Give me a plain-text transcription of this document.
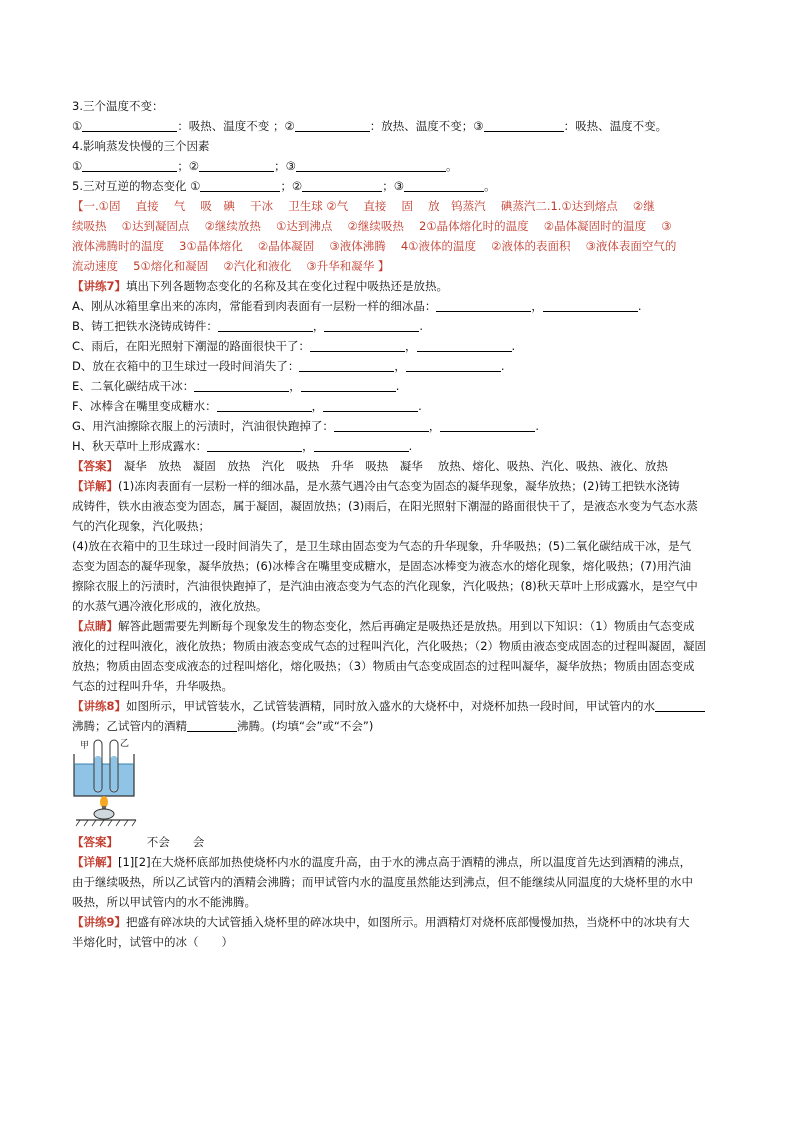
3.三个温度不变：
①	：吸热、温度不变 ；②	：放热、温度不变；③	：吸热、温度不变。
4.影响蒸发快慢的三个因素
①	；②	；③	。
5.三对互逆的物态变化 ①	；②	；③	。
【一.①固　 直接　 气　 吸　碘　 干冰　 卫生球 ②气　 直接　 固　 放　钨蒸汽　 碘蒸汽二.1.①达到熔点　 ②继
续吸热　 ①达到凝固点　 ②继续放热　 ①达到沸点　 ②继续吸热　 2①晶体熔化时的温度　 ②晶体凝固时的温度　 ③
液体沸腾时的温度　 3①晶体熔化　 ②晶体凝固　 ③液体沸腾　 4①液体的温度　 ②液体的表面积　 ③液体表面空气的
流动速度　 5①熔化和凝固　 ②汽化和液化　 ③升华和凝华 】
【讲练7】填出下列各题物态变化的名称及其在变化过程中吸热还是放热。
A、刚从冰箱里拿出来的冻肉，常能看到肉表面有一层粉一样的细冰晶：	，	.
B、铸工把铁水浇铸成铸件：	，	.
C、雨后，在阳光照射下潮湿的路面很快干了：	，	.
D、放在衣箱中的卫生球过一段时间消失了：	，	.
E、二氧化碳结成干冰：	，	.
F、冰棒含在嘴里变成糖水：	，	.
G、用汽油擦除衣服上的污渍时，汽油很快跑掉了：	，	.
H、秋天草叶上形成露水：	，	.
【答案】　 凝华　放热　凝固　放热　汽化　吸热　升华　吸热　凝华　 放热、熔化、吸热、汽化、吸热、液化、放热
【详解】(1)冻肉表面有一层粉一样的细冰晶，是水蒸气遇冷由气态变为固态的凝华现象，凝华放热；(2)铸工把铁水浇铸
成铸件，铁水由液态变为固态，属于凝固，凝固放热；(3)雨后，在阳光照射下潮湿的路面很快干了，是液态水变为气态水蒸
气的汽化现象，汽化吸热；
(4)放在衣箱中的卫生球过一段时间消失了，是卫生球由固态变为气态的升华现象，升华吸热；(5)二氧化碳结成干冰，是气
态变为固态的凝华现象，凝华放热；(6)冰棒含在嘴里变成糖水，是固态冰棒变为液态水的熔化现象，熔化吸热；(7)用汽油
擦除衣服上的污渍时，汽油很快跑掉了，是汽油由液态变为气态的汽化现象，汽化吸热；(8)秋天草叶上形成露水，是空气中
的水蒸气遇冷液化形成的，液化放热。
【点睛】解答此题需要先判断每个现象发生的物态变化，然后再确定是吸热还是放热。用到以下知识：（1）物质由气态变成
液化的过程叫液化，液化放热；物质由液态变成气态的过程叫汽化，汽化吸热；（2）物质由液态变成固态的过程叫凝固，凝固
放热；物质由固态变成液态的过程叫熔化，熔化吸热；（3）物质由气态变成固态的过程叫凝华，凝华放热；物质由固态变成
气态的过程叫升华，升华吸热。
【讲练8】如图所示，甲试管装水，乙试管装酒精，同时放入盛水的大烧杯中，对烧杯加热一段时间，甲试管内的水
沸腾；乙试管内的酒精	沸腾。(均填“会”或“不会”)
甲	乙
【答案】　　　	不会　　会
【详解】[1][2]在大烧杯底部加热使烧杯内水的温度升高，由于水的沸点高于酒精的沸点，所以温度首先达到酒精的沸点，
由于继续吸热，所以乙试管内的酒精会沸腾；而甲试管内水的温度虽然能达到沸点，但不能继续从同温度的大烧杯里的水中
吸热，所以甲试管内的水不能沸腾。
【讲练9】把盛有碎冰块的大试管插入烧杯里的碎冰块中，如图所示。用酒精灯对烧杯底部慢慢加热，当烧杯中的冰块有大
半熔化时，试管中的冰（　　）
